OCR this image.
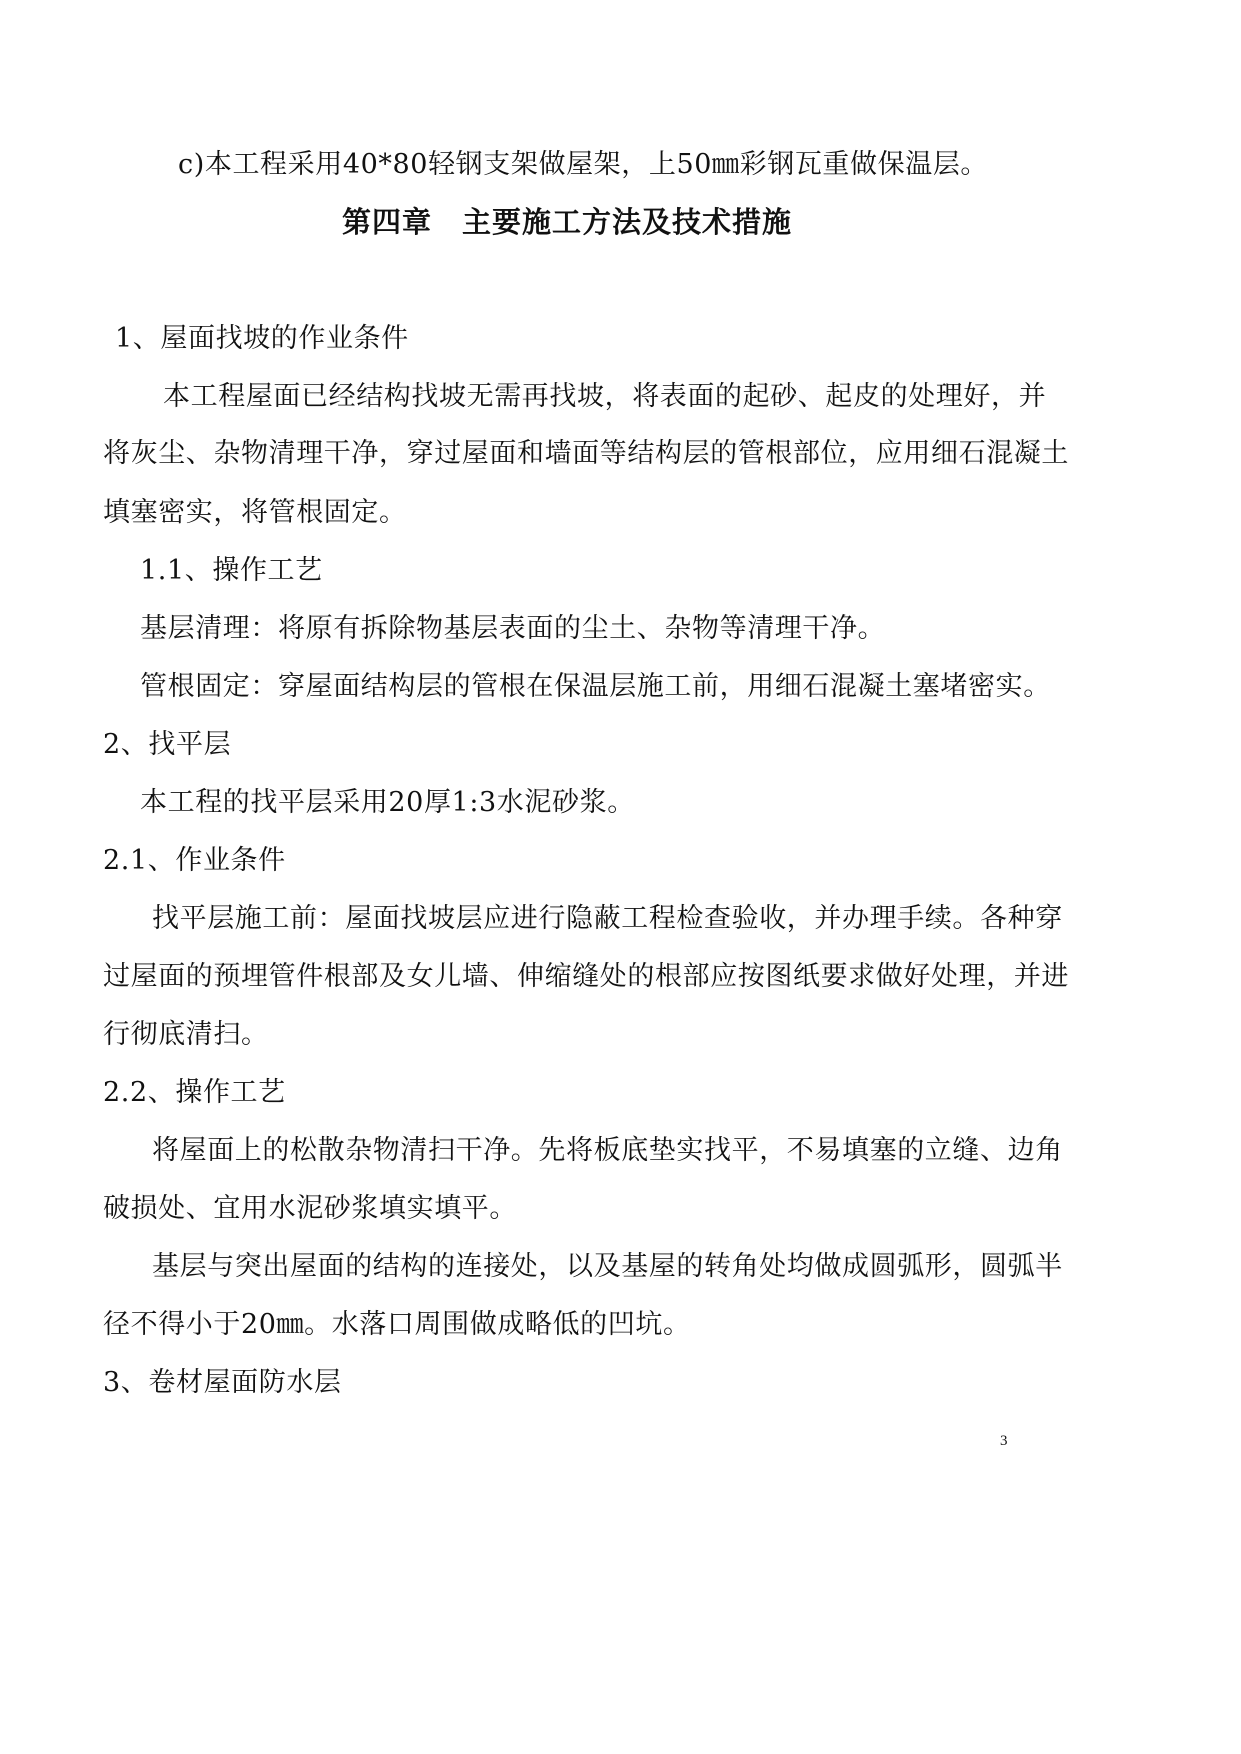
c)本工程采用40*80轻钢支架做屋架，上50㎜彩钢瓦重做保温层。
第四章　主要施工方法及技术措施
1、屋面找坡的作业条件
本工程屋面已经结构找坡无需再找坡，将表面的起砂、起皮的处理好，并
将灰尘、杂物清理干净，穿过屋面和墙面等结构层的管根部位，应用细石混凝土
填塞密实，将管根固定。
1.1、操作工艺
基层清理：将原有拆除物基层表面的尘土、杂物等清理干净。
管根固定：穿屋面结构层的管根在保温层施工前，用细石混凝土塞堵密实。
2、找平层
本工程的找平层采用20厚1:3水泥砂浆。
2.1、作业条件
找平层施工前：屋面找坡层应进行隐蔽工程检查验收，并办理手续。各种穿
过屋面的预埋管件根部及女儿墙、伸缩缝处的根部应按图纸要求做好处理，并进
行彻底清扫。
2.2、操作工艺
将屋面上的松散杂物清扫干净。先将板底垫实找平，不易填塞的立缝、边角
破损处、宜用水泥砂浆填实填平。
基层与突出屋面的结构的连接处，以及基屋的转角处均做成圆弧形，圆弧半
径不得小于20㎜。水落口周围做成略低的凹坑。
3、卷材屋面防水层
3
